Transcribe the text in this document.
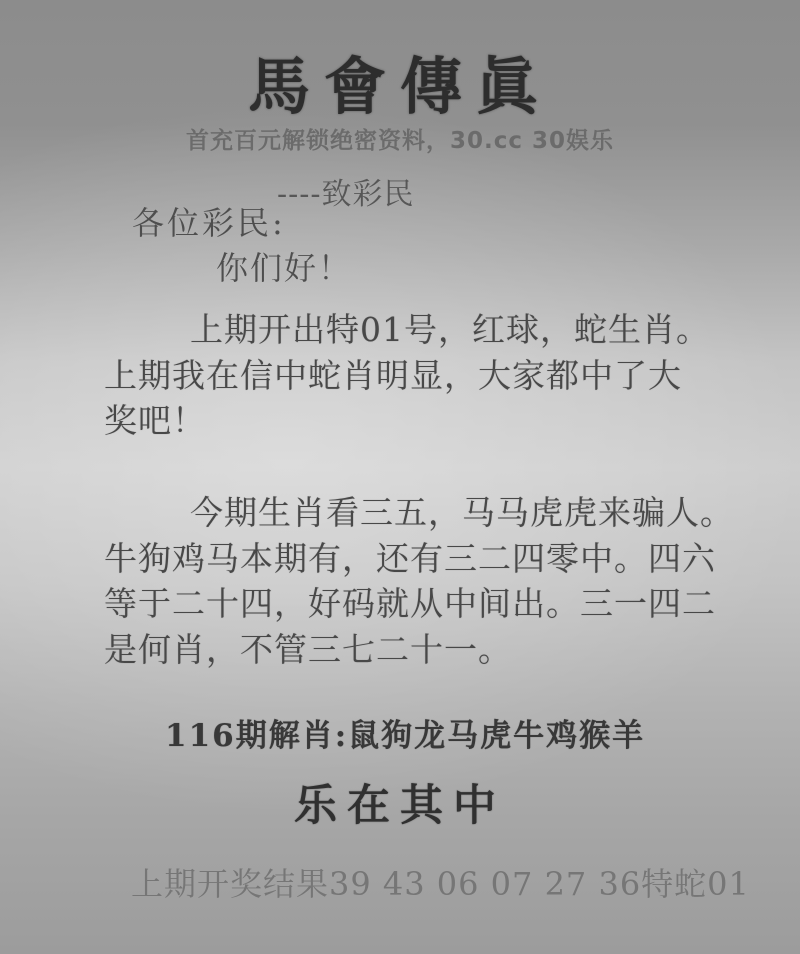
馬會傳眞
首充百元解锁绝密资料，30.cc 30娱乐
----致彩民
各位彩民:
你们好！
上期开出特01号，红球，蛇生肖。
上期我在信中蛇肖明显，大家都中了大
奖吧！
今期生肖看三五，马马虎虎来骗人。
牛狗鸡马本期有，还有三二四零中。四六
等于二十四，好码就从中间出。三一四二
是何肖，不管三七二十一。
116期解肖:鼠狗龙马虎牛鸡猴羊
乐在其中
上期开奖结果39 43 06 07 27 36特蛇01
